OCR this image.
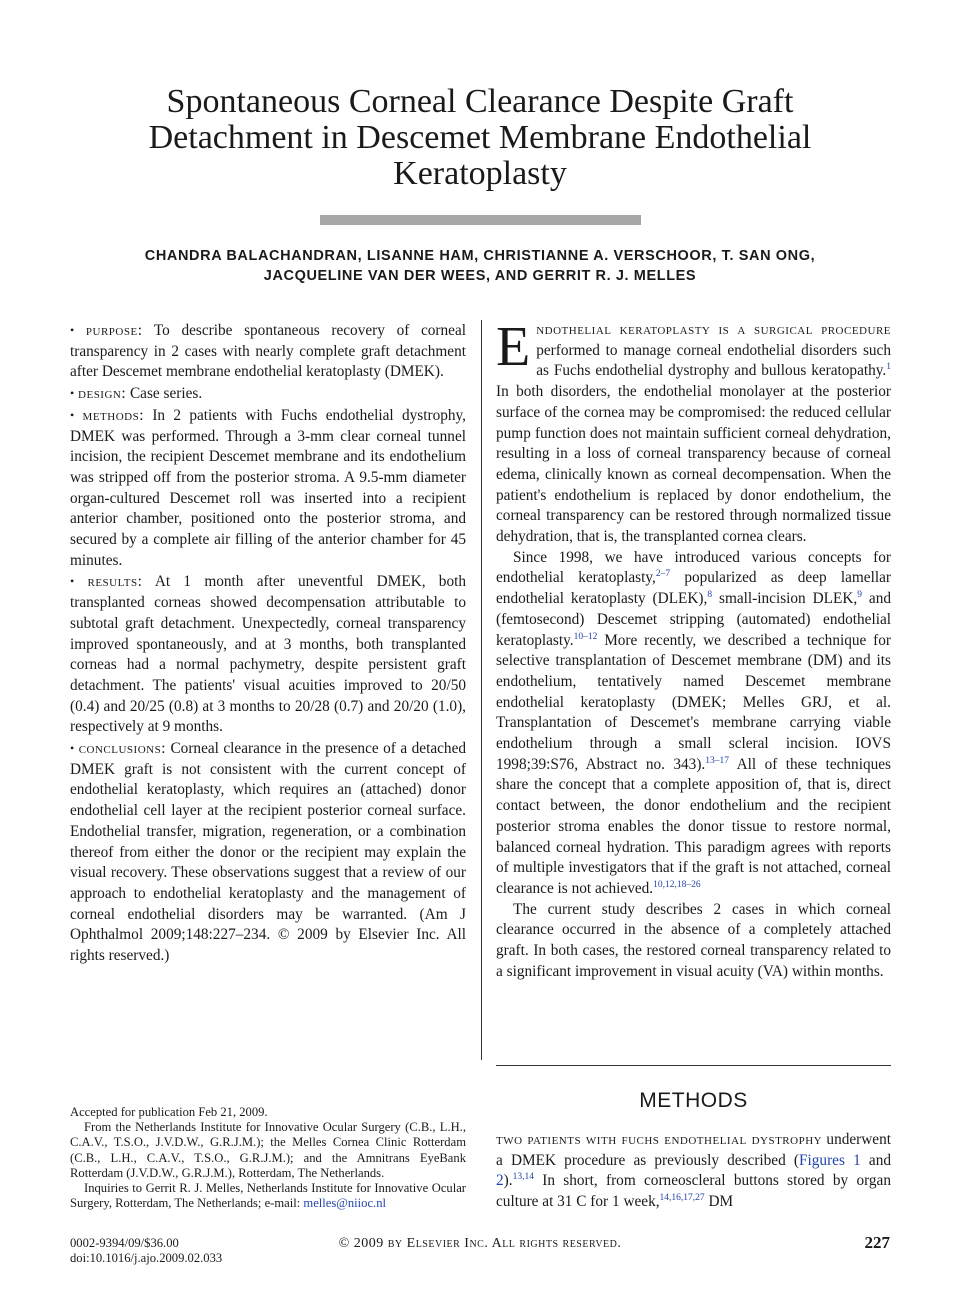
Spontaneous Corneal Clearance Despite Graft
Detachment in Descemet Membrane Endothelial
Keratoplasty
CHANDRA BALACHANDRAN, LISANNE HAM, CHRISTIANNE A. VERSCHOOR, T. SAN ONG,
JACQUELINE VAN DER WEES, AND GERRIT R. J. MELLES

• purpose: To describe spontaneous recovery of corneal transparency in 2 cases with nearly complete graft detachment after Descemet membrane endothelial keratoplasty (DMEK).

• design: Case series.

• methods: In 2 patients with Fuchs endothelial dystrophy, DMEK was performed. Through a 3-mm clear corneal tunnel incision, the recipient Descemet membrane and its endothelium was stripped off from the posterior stroma. A 9.5-mm diameter organ-cultured Descemet roll was inserted into a recipient anterior chamber, positioned onto the posterior stroma, and secured by a complete air filling of the anterior chamber for 45 minutes.

• results: At 1 month after uneventful DMEK, both transplanted corneas showed decompensation attributable to subtotal graft detachment. Unexpectedly, corneal transparency improved spontaneously, and at 3 months, both transplanted corneas had a normal pachymetry, despite persistent graft detachment. The patients' visual acuities improved to 20/50 (0.4) and 20/25 (0.8) at 3 months to 20/28 (0.7) and 20/20 (1.0), respectively at 9 months.

• conclusions: Corneal clearance in the presence of a detached DMEK graft is not consistent with the current concept of endothelial keratoplasty, which requires an (attached) donor endothelial cell layer at the recipient posterior corneal surface. Endothelial transfer, migration, regeneration, or a combination thereof from either the donor or the recipient may explain the visual recovery. These observations suggest that a review of our approach to endothelial keratoplasty and the management of corneal endothelial disorders may be warranted. (Am J Ophthalmol 2009;148:227–234. © 2009 by Elsevier Inc. All rights reserved.)

Endothelial keratoplasty is a surgical procedure performed to manage corneal endothelial disorders such as Fuchs endothelial dystrophy and bullous keratopathy.$^1$ In both disorders, the endothelial monolayer at the posterior surface of the cornea may be compromised: the reduced cellular pump function does not maintain sufficient corneal dehydration, resulting in a loss of corneal transparency because of corneal edema, clinically known as corneal decompensation. When the patient's endothelium is replaced by donor endothelium, the corneal transparency can be restored through normalized tissue dehydration, that is, the transplanted cornea clears.

Since 1998, we have introduced various concepts for endothelial keratoplasty,$^{2-7}$ popularized as deep lamellar endothelial keratoplasty (DLEK),$^8$ small-incision DLEK,$^9$ and (femtosecond) Descemet stripping (automated) endothelial keratoplasty.$^{10-12}$ More recently, we described a technique for selective transplantation of Descemet membrane (DM) and its endothelium, tentatively named Descemet membrane endothelial keratoplasty (DMEK; Melles GRJ, et al. Transplantation of Descemet's membrane carrying viable endothelium through a small scleral incision. IOVS 1998;39:S76, Abstract no. 343).$^{13-17}$ All of these techniques share the concept that a complete apposition of, that is, direct contact between, the donor endothelium and the recipient posterior stroma enables the donor tissue to restore normal, balanced corneal hydration. This paradigm agrees with reports of multiple investigators that if the graft is not attached, corneal clearance is not achieved.$^{10,12,18-26}$

The current study describes 2 cases in which corneal clearance occurred in the absence of a completely attached graft. In both cases, the restored corneal transparency related to a significant improvement in visual acuity (VA) within months.

METHODS
two patients with fuchs endothelial dystrophy underwent a DMEK procedure as previously described (Figures 1 and 2).$^{13,14}$ In short, from corneoscleral buttons stored by organ culture at 31 C for 1 week,$^{14,16,17,27}$ DM

Accepted for publication Feb 21, 2009.

From the Netherlands Institute for Innovative Ocular Surgery (C.B., L.H., C.A.V., T.S.O., J.V.D.W., G.R.J.M.); the Melles Cornea Clinic Rotterdam (C.B., L.H., C.A.V., T.S.O., G.R.J.M.); and the Amnitrans EyeBank Rotterdam (J.V.D.W., G.R.J.M.), Rotterdam, The Netherlands.

Inquiries to Gerrit R. J. Melles, Netherlands Institute for Innovative Ocular Surgery, Rotterdam, The Netherlands; e-mail: melles@niioc.nl

0002-9394/09/$36.00
doi:10.1016/j.ajo.2009.02.033
© 2009 by Elsevier Inc. All rights reserved.	227
